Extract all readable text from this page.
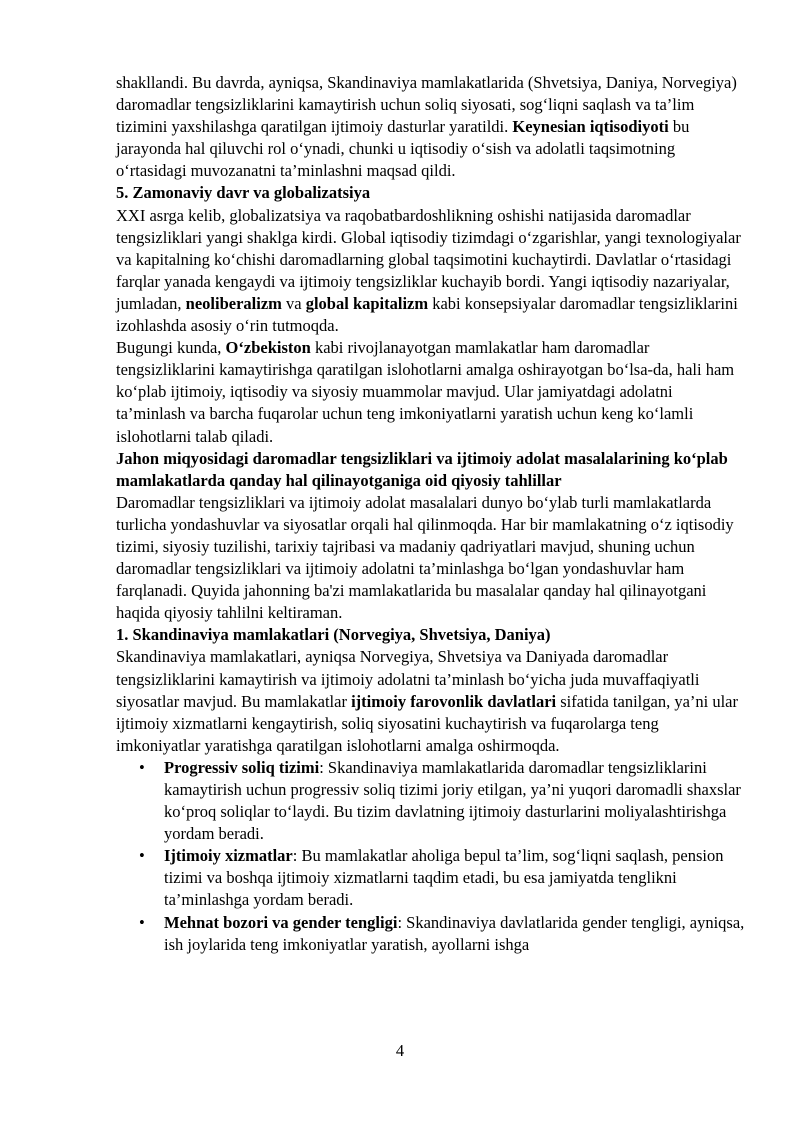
shakllandi. Bu davrda, ayniqsa, Skandinaviya mamlakatlarida (Shvetsiya, Daniya, Norvegiya) daromadlar tengsizliklarini kamaytirish uchun soliq siyosati, sog‘liqni saqlash va ta’lim tizimini yaxshilashga qaratilgan ijtimoiy dasturlar yaratildi. Keynesian iqtisodiyoti bu jarayonda hal qiluvchi rol o‘ynadi, chunki u iqtisodiy o‘sish va adolatli taqsimotning o‘rtasidagi muvozanatni ta’minlashni maqsad qildi.

5. Zamonaviy davr va globalizatsiya

XXI asrga kelib, globalizatsiya va raqobatbardoshlikning oshishi natijasida daromadlar tengsizliklari yangi shaklga kirdi. Global iqtisodiy tizimdagi o‘zgarishlar, yangi texnologiyalar va kapitalning ko‘chishi daromadlarning global taqsimotini kuchaytirdi. Davlatlar o‘rtasidagi farqlar yanada kengaydi va ijtimoiy tengsizliklar kuchayib bordi. Yangi iqtisodiy nazariyalar, jumladan, neoliberalizm va global kapitalizm kabi konsepsiyalar daromadlar tengsizliklarini izohlashda asosiy o‘rin tutmoqda.

Bugungi kunda, O‘zbekiston kabi rivojlanayotgan mamlakatlar ham daromadlar tengsizliklarini kamaytirishga qaratilgan islohotlarni amalga oshirayotgan bo‘lsa-da, hali ham ko‘plab ijtimoiy, iqtisodiy va siyosiy muammolar mavjud. Ular jamiyatdagi adolatni ta’minlash va barcha fuqarolar uchun teng imkoniyatlarni yaratish uchun keng ko‘lamli islohotlarni talab qiladi.

Jahon miqyosidagi daromadlar tengsizliklari va ijtimoiy adolat masalalarining ko‘plab mamlakatlarda qanday hal qilinayotganiga oid qiyosiy tahlillar

Daromadlar tengsizliklari va ijtimoiy adolat masalalari dunyo bo‘ylab turli mamlakatlarda turlicha yondashuvlar va siyosatlar orqali hal qilinmoqda. Har bir mamlakatning o‘z iqtisodiy tizimi, siyosiy tuzilishi, tarixiy tajribasi va madaniy qadriyatlari mavjud, shuning uchun daromadlar tengsizliklari va ijtimoiy adolatni ta’minlashga bo‘lgan yondashuvlar ham farqlanadi. Quyida jahonning ba'zi mamlakatlarida bu masalalar qanday hal qilinayotgani haqida qiyosiy tahlilni keltiraman.

1. Skandinaviya mamlakatlari (Norvegiya, Shvetsiya, Daniya)

Skandinaviya mamlakatlari, ayniqsa Norvegiya, Shvetsiya va Daniyada daromadlar tengsizliklarini kamaytirish va ijtimoiy adolatni ta’minlash bo‘yicha juda muvaffaqiyatli siyosatlar mavjud. Bu mamlakatlar ijtimoiy farovonlik davlatlari sifatida tanilgan, ya’ni ular ijtimoiy xizmatlarni kengaytirish, soliq siyosatini kuchaytirish va fuqarolarga teng imkoniyatlar yaratishga qaratilgan islohotlarni amalga oshirmoqda.

• Progressiv soliq tizimi: Skandinaviya mamlakatlarida daromadlar tengsizliklarini kamaytirish uchun progressiv soliq tizimi joriy etilgan, ya’ni yuqori daromadli shaxslar ko‘proq soliqlar to‘laydi. Bu tizim davlatning ijtimoiy dasturlarini moliyalashtirishga yordam beradi.
• Ijtimoiy xizmatlar: Bu mamlakatlar aholiga bepul ta’lim, sog‘liqni saqlash, pension tizimi va boshqa ijtimoiy xizmatlarni taqdim etadi, bu esa jamiyatda tenglikni ta’minlashga yordam beradi.
• Mehnat bozori va gender tengligi: Skandinaviya davlatlarida gender tengligi, ayniqsa, ish joylarida teng imkoniyatlar yaratish, ayollarni ishga
4
